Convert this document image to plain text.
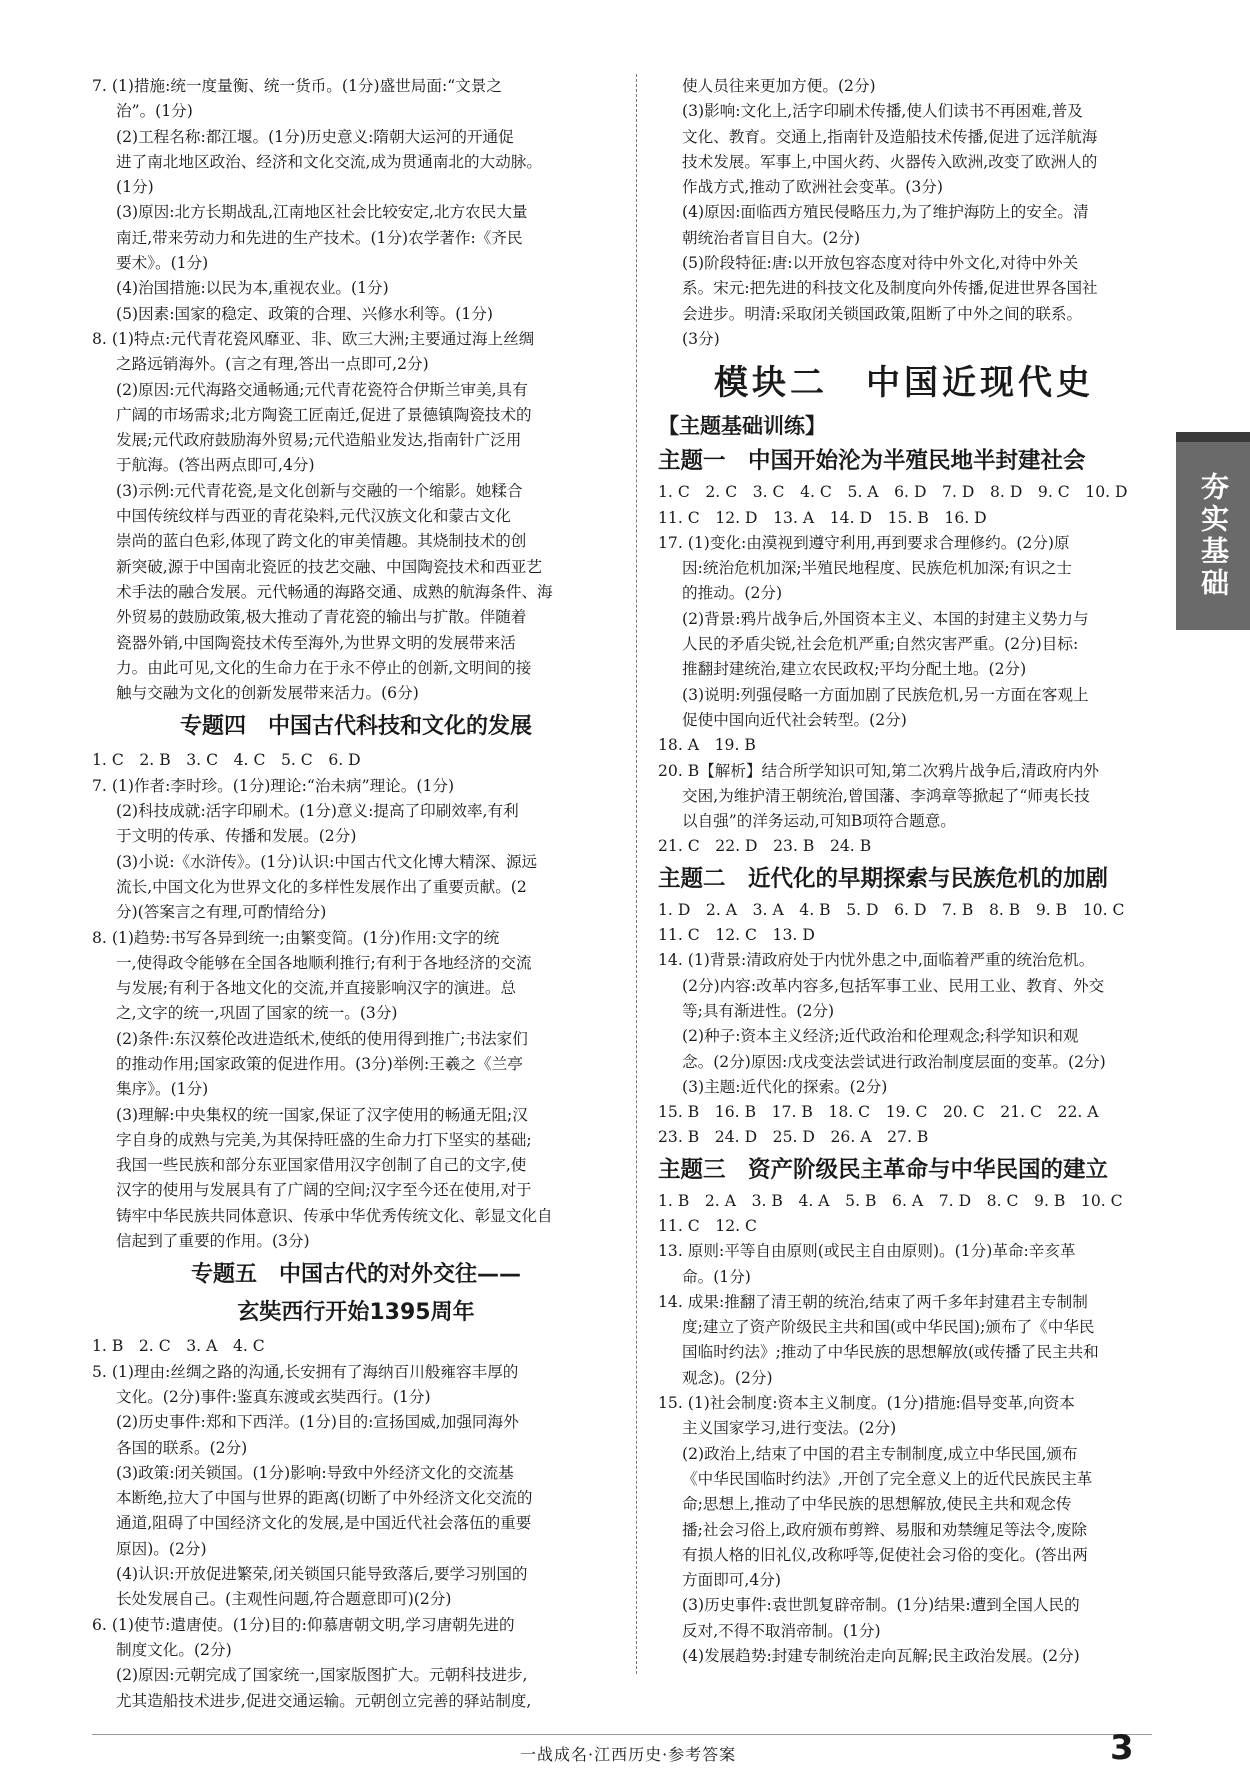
7. (1)措施:统一度量衡、统一货币。(1分)盛世局面:“文景之
治”。(1分)
(2)工程名称:都江堰。(1分)历史意义:隋朝大运河的开通促
进了南北地区政治、经济和文化交流,成为贯通南北的大动脉。
(1分)
(3)原因:北方长期战乱,江南地区社会比较安定,北方农民大量
南迁,带来劳动力和先进的生产技术。(1分)农学著作:《齐民
要术》。(1分)
(4)治国措施:以民为本,重视农业。(1分)
(5)因素:国家的稳定、政策的合理、兴修水利等。(1分)
8. (1)特点:元代青花瓷风靡亚、非、欧三大洲;主要通过海上丝绸
之路远销海外。(言之有理,答出一点即可,2分)
(2)原因:元代海路交通畅通;元代青花瓷符合伊斯兰审美,具有
广阔的市场需求;北方陶瓷工匠南迁,促进了景德镇陶瓷技术的
发展;元代政府鼓励海外贸易;元代造船业发达,指南针广泛用
于航海。(答出两点即可,4分)
(3)示例:元代青花瓷,是文化创新与交融的一个缩影。她糅合
中国传统纹样与西亚的青花染料,元代汉族文化和蒙古文化
崇尚的蓝白色彩,体现了跨文化的审美情趣。其烧制技术的创
新突破,源于中国南北瓷匠的技艺交融、中国陶瓷技术和西亚艺
术手法的融合发展。元代畅通的海路交通、成熟的航海条件、海
外贸易的鼓励政策,极大推动了青花瓷的输出与扩散。伴随着
瓷器外销,中国陶瓷技术传至海外,为世界文明的发展带来活
力。由此可见,文化的生命力在于永不停止的创新,文明间的接
触与交融为文化的创新发展带来活力。(6分)
专题四　中国古代科技和文化的发展
1. C　2. B　3. C　4. C　5. C　6. D
7. (1)作者:李时珍。(1分)理论:“治未病”理论。(1分)
(2)科技成就:活字印刷术。(1分)意义:提高了印刷效率,有利
于文明的传承、传播和发展。(2分)
(3)小说:《水浒传》。(1分)认识:中国古代文化博大精深、源远
流长,中国文化为世界文化的多样性发展作出了重要贡献。(2
分)(答案言之有理,可酌情给分)
8. (1)趋势:书写各异到统一;由繁变简。(1分)作用:文字的统
一,使得政令能够在全国各地顺利推行;有利于各地经济的交流
与发展;有利于各地文化的交流,并直接影响汉字的演进。总
之,文字的统一,巩固了国家的统一。(3分)
(2)条件:东汉蔡伦改进造纸术,使纸的使用得到推广;书法家们
的推动作用;国家政策的促进作用。(3分)举例:王羲之《兰亭
集序》。(1分)
(3)理解:中央集权的统一国家,保证了汉字使用的畅通无阻;汉
字自身的成熟与完美,为其保持旺盛的生命力打下坚实的基础;
我国一些民族和部分东亚国家借用汉字创制了自己的文字,使
汉字的使用与发展具有了广阔的空间;汉字至今还在使用,对于
铸牢中华民族共同体意识、传承中华优秀传统文化、彰显文化自
信起到了重要的作用。(3分)
专题五　中国古代的对外交往——
玄奘西行开始1395周年
1. B　2. C　3. A　4. C
5. (1)理由:丝绸之路的沟通,长安拥有了海纳百川般雍容丰厚的
文化。(2分)事件:鉴真东渡或玄奘西行。(1分)
(2)历史事件:郑和下西洋。(1分)目的:宣扬国威,加强同海外
各国的联系。(2分)
(3)政策:闭关锁国。(1分)影响:导致中外经济文化的交流基
本断绝,拉大了中国与世界的距离(切断了中外经济文化交流的
通道,阻碍了中国经济文化的发展,是中国近代社会落伍的重要
原因)。(2分)
(4)认识:开放促进繁荣,闭关锁国只能导致落后,要学习别国的
长处发展自己。(主观性问题,符合题意即可)(2分)
6. (1)使节:遣唐使。(1分)目的:仰慕唐朝文明,学习唐朝先进的
制度文化。(2分)
(2)原因:元朝完成了国家统一,国家版图扩大。元朝科技进步,
尤其造船技术进步,促进交通运输。元朝创立完善的驿站制度,
使人员往来更加方便。(2分)
(3)影响:文化上,活字印刷术传播,使人们读书不再困难,普及
文化、教育。交通上,指南针及造船技术传播,促进了远洋航海
技术发展。军事上,中国火药、火器传入欧洲,改变了欧洲人的
作战方式,推动了欧洲社会变革。(3分)
(4)原因:面临西方殖民侵略压力,为了维护海防上的安全。清
朝统治者盲目自大。(2分)
(5)阶段特征:唐:以开放包容态度对待中外文化,对待中外关
系。宋元:把先进的科技文化及制度向外传播,促进世界各国社
会进步。明清:采取闭关锁国政策,阻断了中外之间的联系。
(3分)
模块二　中国近现代史
【主题基础训练】
主题一　中国开始沦为半殖民地半封建社会
1. C　2. C　3. C　4. C　5. A　6. D　7. D　8. D　9. C　10. D
11. C　12. D　13. A　14. D　15. B　16. D
17. (1)变化:由漠视到遵守利用,再到要求合理修约。(2分)原
因:统治危机加深;半殖民地程度、民族危机加深;有识之士
的推动。(2分)
(2)背景:鸦片战争后,外国资本主义、本国的封建主义势力与
人民的矛盾尖锐,社会危机严重;自然灾害严重。(2分)目标:
推翻封建统治,建立农民政权;平均分配土地。(2分)
(3)说明:列强侵略一方面加剧了民族危机,另一方面在客观上
促使中国向近代社会转型。(2分)
18. A　19. B
20. B【解析】结合所学知识可知,第二次鸦片战争后,清政府内外
交困,为维护清王朝统治,曾国藩、李鸿章等掀起了“师夷长技
以自强”的洋务运动,可知B项符合题意。
21. C　22. D　23. B　24. B
主题二　近代化的早期探索与民族危机的加剧
1. D　2. A　3. A　4. B　5. D　6. D　7. B　8. B　9. B　10. C
11. C　12. C　13. D
14. (1)背景:清政府处于内忧外患之中,面临着严重的统治危机。
(2分)内容:改革内容多,包括军事工业、民用工业、教育、外交
等;具有渐进性。(2分)
(2)种子:资本主义经济;近代政治和伦理观念;科学知识和观
念。(2分)原因:戊戌变法尝试进行政治制度层面的变革。(2分)
(3)主题:近代化的探索。(2分)
15. B　16. B　17. B　18. C　19. C　20. C　21. C　22. A
23. B　24. D　25. D　26. A　27. B
主题三　资产阶级民主革命与中华民国的建立
1. B　2. A　3. B　4. A　5. B　6. A　7. D　8. C　9. B　10. C
11. C　12. C
13. 原则:平等自由原则(或民主自由原则)。(1分)革命:辛亥革
命。(1分)
14. 成果:推翻了清王朝的统治,结束了两千多年封建君主专制制
度;建立了资产阶级民主共和国(或中华民国);颁布了《中华民
国临时约法》;推动了中华民族的思想解放(或传播了民主共和
观念)。(2分)
15. (1)社会制度:资本主义制度。(1分)措施:倡导变革,向资本
主义国家学习,进行变法。(2分)
(2)政治上,结束了中国的君主专制制度,成立中华民国,颁布
《中华民国临时约法》,开创了完全意义上的近代民族民主革
命;思想上,推动了中华民族的思想解放,使民主共和观念传
播;社会习俗上,政府颁布剪辫、易服和劝禁缠足等法令,废除
有损人格的旧礼仪,改称呼等,促使社会习俗的变化。(答出两
方面即可,4分)
(3)历史事件:袁世凯复辟帝制。(1分)结果:遭到全国人民的
反对,不得不取消帝制。(1分)
(4)发展趋势:封建专制统治走向瓦解;民主政治发展。(2分)
夯实基础
一战成名·江西历史·参考答案	3
